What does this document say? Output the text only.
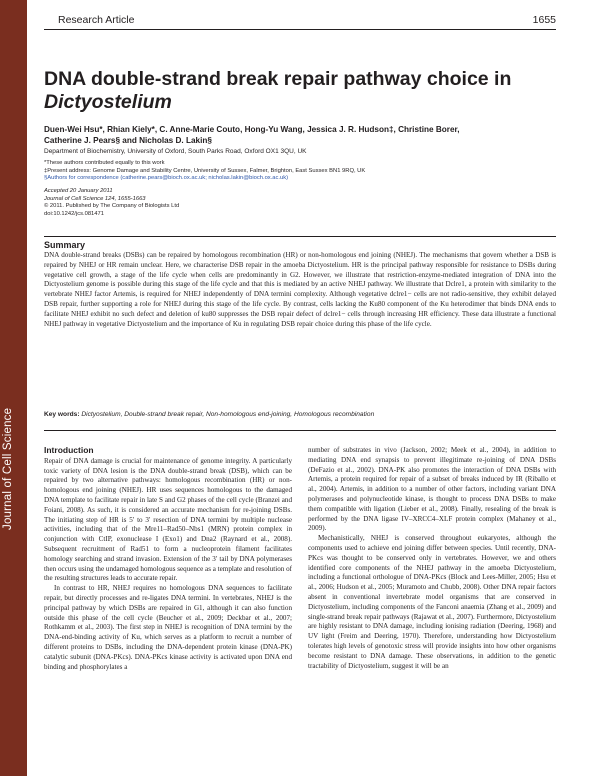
Journal of Cell Science
Research Article	1655
DNA double-strand break repair pathway choice in
Dictyostelium
Duen-Wei Hsu*, Rhian Kiely*, C. Anne-Marie Couto, Hong-Yu Wang, Jessica J. R. Hudson‡, Christine Borer,
Catherine J. Pears§ and Nicholas D. Lakin§
Department of Biochemistry, University of Oxford, South Parks Road, Oxford OX1 3QU, UK
*These authors contributed equally to this work
‡Present address: Genome Damage and Stability Centre, University of Sussex, Falmer, Brighton, East Sussex BN1 9RQ, UK
§Authors for correspondence (catherine.pears@bioch.ox.ac.uk; nicholas.lakin@bioch.ox.ac.uk)
Accepted 20 January 2011
Journal of Cell Science 124, 1655-1663
© 2011. Published by The Company of Biologists Ltd
doi:10.1242/jcs.081471
Summary
DNA double-strand breaks (DSBs) can be repaired by homologous recombination (HR) or non-homologous end joining (NHEJ). The mechanisms that govern whether a DSB is repaired by NHEJ or HR remain unclear. Here, we characterise DSB repair in the amoeba Dictyostelium. HR is the principal pathway responsible for resistance to DSBs during vegetative cell growth, a stage of the life cycle when cells are predominantly in G2. However, we illustrate that restriction-enzyme-mediated integration of DNA into the Dictyostelium genome is possible during this stage of the life cycle and that this is mediated by an active NHEJ pathway. We illustrate that Dclre1, a protein with similarity to the vertebrate NHEJ factor Artemis, is required for NHEJ independently of DNA termini complexity. Although vegetative dclre1− cells are not radio-sensitive, they exhibit delayed DSB repair, further supporting a role for NHEJ during this stage of the life cycle. By contrast, cells lacking the Ku80 component of the Ku heterodimer that binds DNA ends to facilitate NHEJ exhibit no such defect and deletion of ku80 suppresses the DSB repair defect of dclre1− cells through increasing HR efficiency. These data illustrate a functional NHEJ pathway in vegetative Dictyostelium and the importance of Ku in regulating DSB repair choice during this phase of the life cycle.
Key words: Dictyostelium, Double-strand break repair, Non-homologous end-joining, Homologous recombination
Introduction

Repair of DNA damage is crucial for maintenance of genome integrity. A particularly toxic variety of DNA lesion is the DNA double-strand break (DSB), which can be repaired by two alternative pathways: homologous recombination (HR) or non-homologous end joining (NHEJ). HR uses sequences homologous to the damaged DNA template to facilitate repair in late S and G2 phases of the cell cycle (Branzei and Foiani, 2008). As such, it is considered an accurate mechanism for re-joining DSBs. The initiating step of HR is 5′ to 3′ resection of DNA termini by multiple nuclease activities, including that of the Mre11–Rad50–Nbs1 (MRN) protein complex in conjunction with CtIP, exonuclease I (Exo1) and Dna2 (Raynard et al., 2008). Subsequent recruitment of Rad51 to form a nucleoprotein filament facilitates homology searching and strand invasion. Extension of the 3′ tail by DNA polymerases then occurs using the undamaged homologous sequence as a template and resolution of the resulting structures leads to accurate repair.

In contrast to HR, NHEJ requires no homologous DNA sequences to facilitate repair, but directly processes and re-ligates DNA termini. In vertebrates, NHEJ is the principal pathway by which DSBs are repaired in G1, although it can also function outside this phase of the cell cycle (Beucher et al., 2009; Deckbar et al., 2007; Rothkamm et al., 2003). The first step in NHEJ is recognition of DNA termini by the DNA-end-binding activity of Ku, which serves as a platform to recruit a number of different proteins to DSBs, including the DNA-dependent protein kinase (DNA-PK) catalytic subunit (DNA-PKcs). DNA-PKcs kinase activity is activated upon DNA end binding and phosphorylates a

number of substrates in vivo (Jackson, 2002; Meek et al., 2004), in addition to mediating DNA end synapsis to prevent illegitimate re-joining of DNA DSBs (DeFazio et al., 2002). DNA-PK also promotes the interaction of DNA DSBs with Artemis, a protein required for repair of a subset of breaks induced by IR (Riballo et al., 2004). Artemis, in addition to a number of other factors, including variant DNA polymerases and polynucleotide kinase, is thought to process DNA DSBs to make them compatible with ligation (Lieber et al., 2008). Finally, resealing of the break is performed by the DNA ligase IV–XRCC4–XLF protein complex (Mahaney et al., 2009).

Mechanistically, NHEJ is conserved throughout eukaryotes, although the components used to achieve end joining differ between species. Until recently, DNA-PKcs was thought to be conserved only in vertebrates. However, we and others identified core components of the NHEJ pathway in the amoeba Dictyostelium, including a functional orthologue of DNA-PKcs (Block and Lees-Miller, 2005; Hsu et al., 2006; Hudson et al., 2005; Muramoto and Chubb, 2008). Other DNA repair factors absent in conventional invertebrate model organisms that are conserved in Dictyostelium, including components of the Fanconi anaemia (Zhang et al., 2009) and single-strand break repair pathways (Rajawat et al., 2007). Furthermore, Dictyostelium are highly resistant to DNA damage, including ionising radiation (Deering, 1968) and UV light (Freim and Deering, 1970). Therefore, understanding how Dictyostelium tolerates high levels of genotoxic stress will provide insights into how other organisms become resistant to DNA damage. These observations, in addition to the genetic tractability of Dictyostelium, suggest it will be an
